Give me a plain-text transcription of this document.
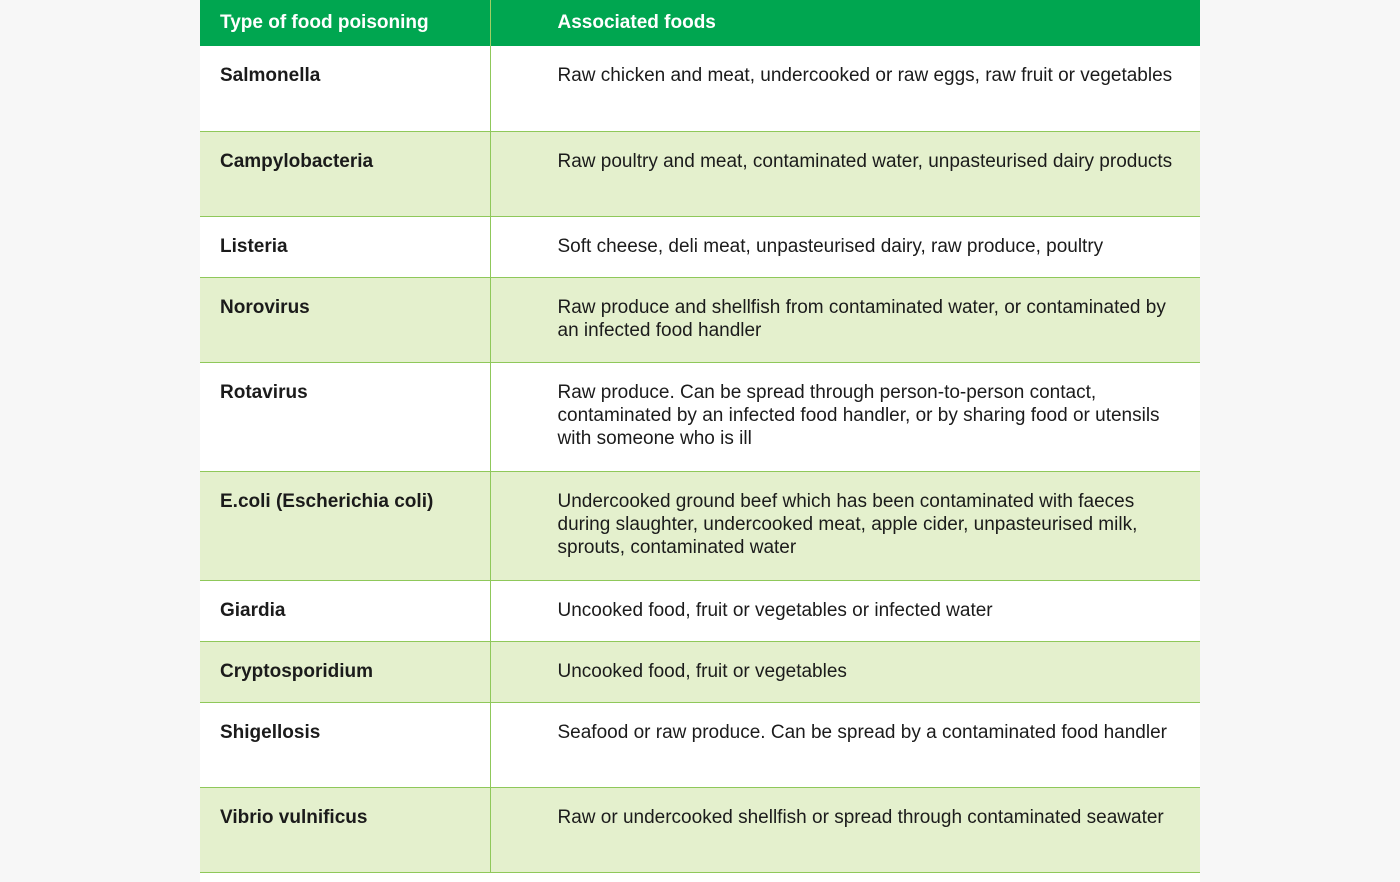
Type of food poisoning	Associated foods
Salmonella	Raw chicken and meat, undercooked or raw eggs, raw fruit or vegetables
Campylobacteria	Raw poultry and meat, contaminated water, unpasteurised dairy products
Listeria	Soft cheese, deli meat, unpasteurised dairy, raw produce, poultry
Norovirus	Raw produce and shellfish from contaminated water, or contaminated by an infected food handler
Rotavirus	Raw produce. Can be spread through person-to-person contact, contaminated by an infected food handler, or by sharing food or utensils with someone who is ill
E.coli (Escherichia coli)	Undercooked ground beef which has been contaminated with faeces during slaughter, undercooked meat, apple cider, unpasteurised milk, sprouts, contaminated water
Giardia	Uncooked food, fruit or vegetables or infected water
Cryptosporidium	Uncooked food, fruit or vegetables
Shigellosis	Seafood or raw produce. Can be spread by a contaminated food handler
Vibrio vulnificus	Raw or undercooked shellfish or spread through contaminated seawater
